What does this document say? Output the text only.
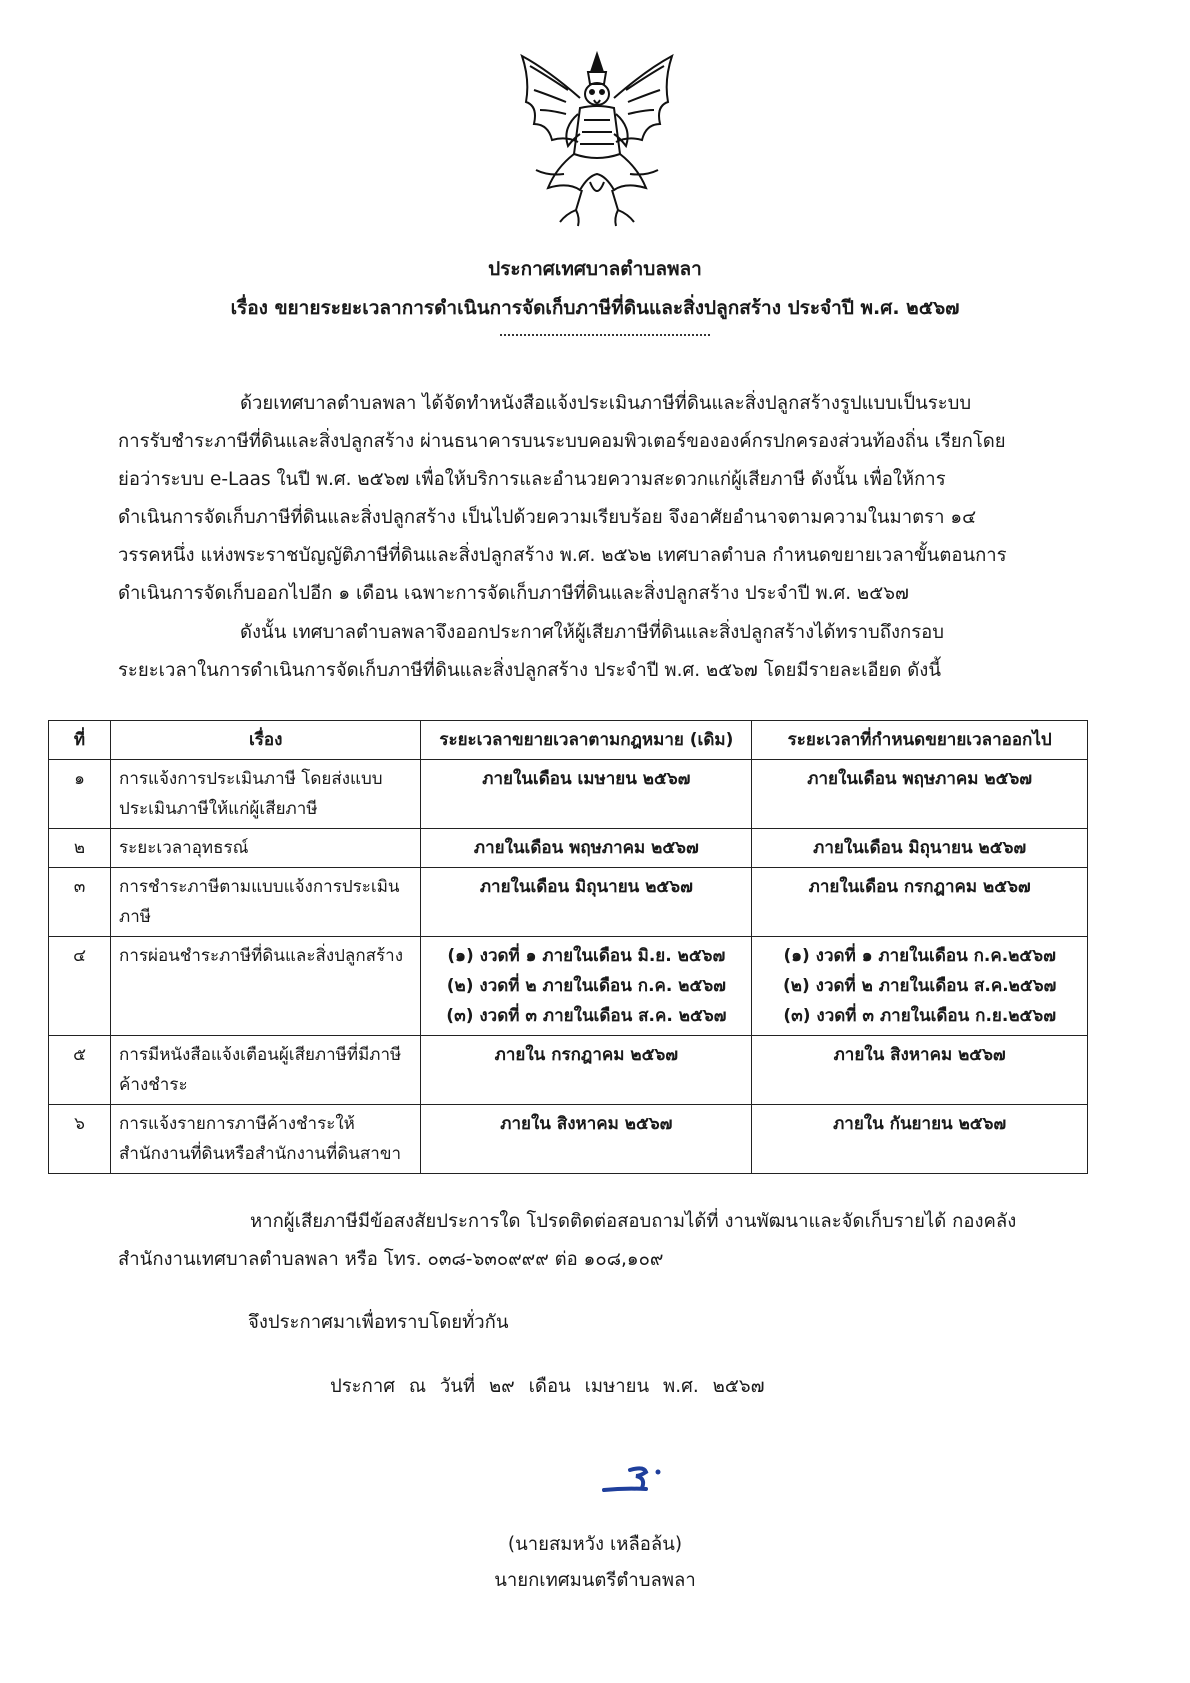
ประกาศเทศบาลตำบลพลา
เรื่อง ขยายระยะเวลาการดำเนินการจัดเก็บภาษีที่ดินและสิ่งปลูกสร้าง ประจำปี พ.ศ. ๒๕๖๗

ด้วยเทศบาลตำบลพลา ได้จัดทำหนังสือแจ้งประเมินภาษีที่ดินและสิ่งปลูกสร้างรูปแบบเป็นระบบ
การรับชำระภาษีที่ดินและสิ่งปลูกสร้าง ผ่านธนาคารบนระบบคอมพิวเตอร์ขององค์กรปกครองส่วนท้องถิ่น เรียกโดย
ย่อว่าระบบ e-Laas ในปี พ.ศ. ๒๕๖๗ เพื่อให้บริการและอำนวยความสะดวกแก่ผู้เสียภาษี ดังนั้น เพื่อให้การ
ดำเนินการจัดเก็บภาษีที่ดินและสิ่งปลูกสร้าง เป็นไปด้วยความเรียบร้อย จึงอาศัยอำนาจตามความในมาตรา ๑๔
วรรคหนึ่ง แห่งพระราชบัญญัติภาษีที่ดินและสิ่งปลูกสร้าง พ.ศ. ๒๕๖๒ เทศบาลตำบล กำหนดขยายเวลาขั้นตอนการ
ดำเนินการจัดเก็บออกไปอีก ๑ เดือน เฉพาะการจัดเก็บภาษีที่ดินและสิ่งปลูกสร้าง ประจำปี พ.ศ. ๒๕๖๗

ดังนั้น เทศบาลตำบลพลาจึงออกประกาศให้ผู้เสียภาษีที่ดินและสิ่งปลูกสร้างได้ทราบถึงกรอบ
ระยะเวลาในการดำเนินการจัดเก็บภาษีที่ดินและสิ่งปลูกสร้าง ประจำปี พ.ศ. ๒๕๖๗ โดยมีรายละเอียด ดังนี้

ที่	เรื่อง	ระยะเวลาขยายเวลาตามกฎหมาย (เดิม)	ระยะเวลาที่กำหนดขยายเวลาออกไป
๑	การแจ้งการประเมินภาษี โดยส่งแบบประเมินภาษีให้แก่ผู้เสียภาษี	ภายในเดือน เมษายน ๒๕๖๗	ภายในเดือน พฤษภาคม ๒๕๖๗
๒	ระยะเวลาอุทธรณ์	ภายในเดือน พฤษภาคม ๒๕๖๗	ภายในเดือน มิถุนายน ๒๕๖๗
๓	การชำระภาษีตามแบบแจ้งการประเมินภาษี	ภายในเดือน มิถุนายน ๒๕๖๗	ภายในเดือน กรกฎาคม ๒๕๖๗
๔	การผ่อนชำระภาษีที่ดินและสิ่งปลูกสร้าง	(๑) งวดที่ ๑ ภายในเดือน มิ.ย. ๒๕๖๗
(๒) งวดที่ ๒ ภายในเดือน ก.ค. ๒๕๖๗
(๓) งวดที่ ๓ ภายในเดือน ส.ค. ๒๕๖๗	(๑) งวดที่ ๑ ภายในเดือน ก.ค.๒๕๖๗
(๒) งวดที่ ๒ ภายในเดือน ส.ค.๒๕๖๗
(๓) งวดที่ ๓ ภายในเดือน ก.ย.๒๕๖๗

๕	การมีหนังสือแจ้งเตือนผู้เสียภาษีที่มีภาษีค้างชำระ	ภายใน กรกฎาคม ๒๕๖๗	ภายใน สิงหาคม ๒๕๖๗
๖	การแจ้งรายการภาษีค้างชำระให้สำนักงานที่ดินหรือสำนักงานที่ดินสาขา	ภายใน สิงหาคม ๒๕๖๗	ภายใน กันยายน ๒๕๖๗

หากผู้เสียภาษีมีข้อสงสัยประการใด โปรดติดต่อสอบถามได้ที่ งานพัฒนาและจัดเก็บรายได้ กองคลัง
สำนักงานเทศบาลตำบลพลา หรือ โทร. ๐๓๘-๖๓๐๙๙๙ ต่อ ๑๐๘,๑๐๙

จึงประกาศมาเพื่อทราบโดยทั่วกัน
ประกาศ ณ วันที่ ๒๙ เดือน เมษายน พ.ศ. ๒๕๖๗
(นายสมหวัง เหลือล้น)
นายกเทศมนตรีตำบลพลา
